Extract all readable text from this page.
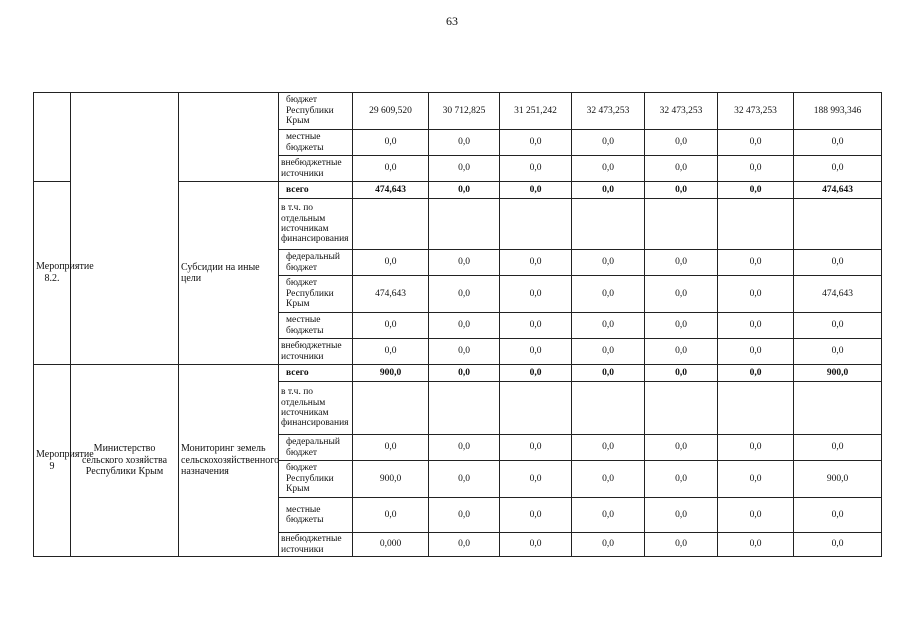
63
			бюджет Республики Крым	29 609,520	30 712,825	31 251,242	32 473,253	32 473,253	32 473,253	188 993,346
			местные бюджеты	0,0	0,0	0,0	0,0	0,0	0,0	0,0
			внебюджетные источники	0,0	0,0	0,0	0,0	0,0	0,0	0,0
Мероприятие 8.2.		Субсидии на иные цели	всего	474,643	0,0	0,0	0,0	0,0	0,0	474,643
			в т.ч. по отдельным источникам финансирования							
			федеральный бюджет	0,0	0,0	0,0	0,0	0,0	0,0	0,0
			бюджет Республики Крым	474,643	0,0	0,0	0,0	0,0	0,0	474,643
			местные бюджеты	0,0	0,0	0,0	0,0	0,0	0,0	0,0
			внебюджетные источники	0,0	0,0	0,0	0,0	0,0	0,0	0,0
Мероприятие 9	Министерство сельского хозяйства Республики Крым	Мониторинг земель сельскохозяйственного назначения	всего	900,0	0,0	0,0	0,0	0,0	0,0	900,0
			в т.ч. по отдельным источникам финансирования							
			федеральный бюджет	0,0	0,0	0,0	0,0	0,0	0,0	0,0
			бюджет Республики Крым	900,0	0,0	0,0	0,0	0,0	0,0	900,0
			местные бюджеты	0,0	0,0	0,0	0,0	0,0	0,0	0,0
			внебюджетные источники	0,000	0,0	0,0	0,0	0,0	0,0	0,0
